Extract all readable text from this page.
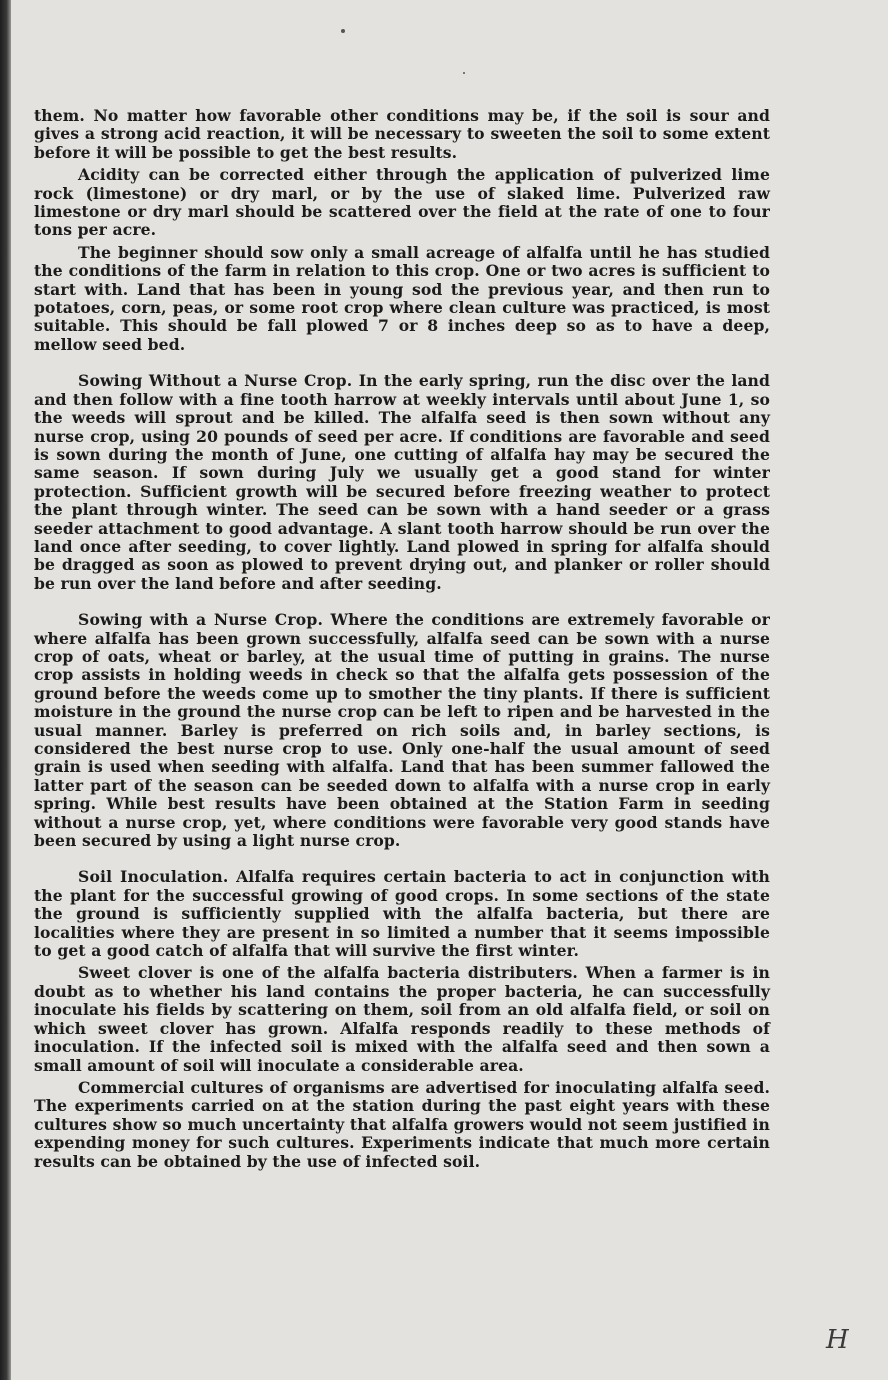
them. No matter how favorable other conditions may be, if the soil is sour and gives a strong acid reaction, it will be necessary to sweeten the soil to some extent before it will be possible to get the best results.

Acidity can be corrected either through the application of pulverized lime rock (limestone) or dry marl, or by the use of slaked lime. Pulverized raw limestone or dry marl should be scattered over the field at the rate of one to four tons per acre.

The beginner should sow only a small acreage of alfalfa until he has studied the conditions of the farm in relation to this crop. One or two acres is sufficient to start with. Land that has been in young sod the previous year, and then run to potatoes, corn, peas, or some root crop where clean culture was practiced, is most suitable. This should be fall plowed 7 or 8 inches deep so as to have a deep, mellow seed bed.

Sowing Without a Nurse Crop. In the early spring, run the disc over the land and then follow with a fine tooth harrow at weekly intervals until about June 1, so the weeds will sprout and be killed. The alfalfa seed is then sown without any nurse crop, using 20 pounds of seed per acre. If conditions are favorable and seed is sown during the month of June, one cutting of alfalfa hay may be secured the same season. If sown during July we usually get a good stand for winter protection. Sufficient growth will be secured before freezing weather to protect the plant through winter. The seed can be sown with a hand seeder or a grass seeder attachment to good advantage. A slant tooth harrow should be run over the land once after seeding, to cover lightly. Land plowed in spring for alfalfa should be dragged as soon as plowed to prevent drying out, and planker or roller should be run over the land before and after seeding.

Sowing with a Nurse Crop. Where the conditions are extremely favorable or where alfalfa has been grown successfully, alfalfa seed can be sown with a nurse crop of oats, wheat or barley, at the usual time of putting in grains. The nurse crop assists in holding weeds in check so that the alfalfa gets possession of the ground before the weeds come up to smother the tiny plants. If there is sufficient moisture in the ground the nurse crop can be left to ripen and be harvested in the usual manner. Barley is preferred on rich soils and, in barley sections, is considered the best nurse crop to use. Only one-half the usual amount of seed grain is used when seeding with alfalfa. Land that has been summer fallowed the latter part of the season can be seeded down to alfalfa with a nurse crop in early spring. While best results have been obtained at the Station Farm in seeding without a nurse crop, yet, where conditions were favorable very good stands have been secured by using a light nurse crop.

Soil Inoculation. Alfalfa requires certain bacteria to act in conjunction with the plant for the successful growing of good crops. In some sections of the state the ground is sufficiently supplied with the alfalfa bacteria, but there are localities where they are present in so limited a number that it seems impossible to get a good catch of alfalfa that will survive the first winter.

Sweet clover is one of the alfalfa bacteria distributers. When a farmer is in doubt as to whether his land contains the proper bacteria, he can successfully inoculate his fields by scattering on them, soil from an old alfalfa field, or soil on which sweet clover has grown. Alfalfa responds readily to these methods of inoculation. If the infected soil is mixed with the alfalfa seed and then sown a small amount of soil will inoculate a considerable area.

Commercial cultures of organisms are advertised for inoculating alfalfa seed. The experiments carried on at the station during the past eight years with these cultures show so much uncertainty that alfalfa growers would not seem justified in expending money for such cultures. Experiments indicate that much more certain results can be obtained by the use of infected soil.

H
